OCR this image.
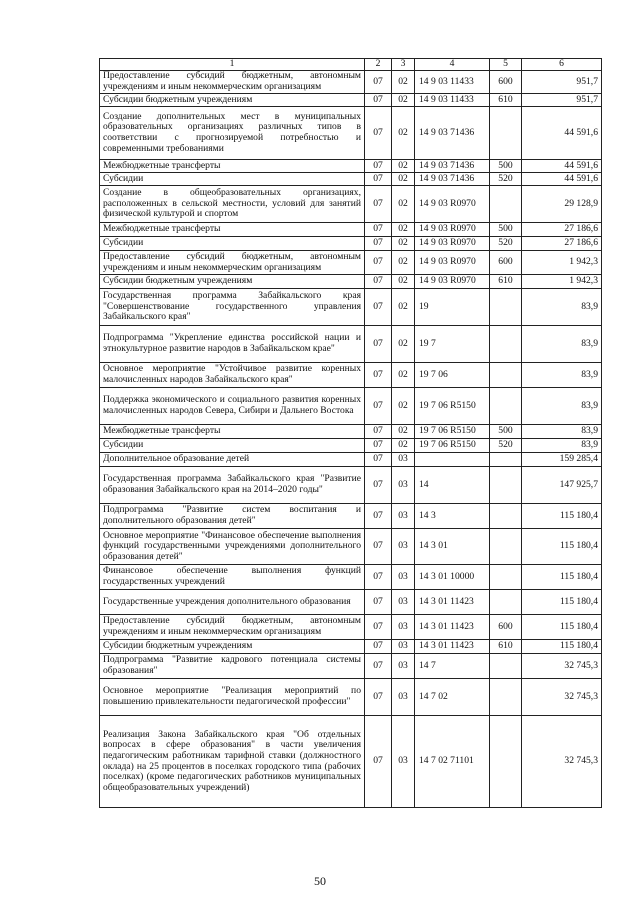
1	2	3	4	5	6
Предоставление субсидий бюджетным, автономным учреждениям и иным некоммерческим организациям	07	02	14 9 03 11433	600	951,7
Субсидии бюджетным учреждениям	07	02	14 9 03 11433	610	951,7
Создание дополнительных мест в муниципальных образовательных организациях различных типов в соответствии с прогнозируемой потребностью и современными требованиями	07	02	14 9 03 71436		44 591,6
Межбюджетные трансферты	07	02	14 9 03 71436	500	44 591,6
Субсидии	07	02	14 9 03 71436	520	44 591,6
Создание в общеобразовательных организациях, расположенных в сельской местности, условий для занятий физической культурой и спортом	07	02	14 9 03 R0970		29 128,9
Межбюджетные трансферты	07	02	14 9 03 R0970	500	27 186,6
Субсидии	07	02	14 9 03 R0970	520	27 186,6
Предоставление субсидий бюджетным, автономным учреждениям и иным некоммерческим организациям	07	02	14 9 03 R0970	600	1 942,3
Субсидии бюджетным учреждениям	07	02	14 9 03 R0970	610	1 942,3
Государственная программа Забайкальского края "Совершенствование государственного управления Забайкальского края"	07	02	19		83,9
Подпрограмма "Укрепление единства российской нации и этнокультурное развитие народов в Забайкальском крае"	07	02	19 7		83,9
Основное мероприятие "Устойчивое развитие коренных малочисленных народов Забайкальского края"	07	02	19 7 06		83,9
Поддержка экономического и социального развития коренных малочисленных народов Севера, Сибири и Дальнего Востока	07	02	19 7 06 R5150		83,9
Межбюджетные трансферты	07	02	19 7 06 R5150	500	83,9
Субсидии	07	02	19 7 06 R5150	520	83,9
Дополнительное образование детей	07	03			159 285,4
Государственная программа Забайкальского края "Развитие образования Забайкальского края на 2014–2020 годы"	07	03	14		147 925,7
Подпрограмма "Развитие систем воспитания и дополнительного образования детей"	07	03	14 3		115 180,4
Основное мероприятие "Финансовое обеспечение выполнения функций государственными учреждениями дополнительного образования детей"	07	03	14 3 01		115 180,4
Финансовое обеспечение выполнения функций государственных учреждений	07	03	14 3 01 10000		115 180,4
Государственные учреждения дополнительного образования	07	03	14 3 01 11423		115 180,4
Предоставление субсидий бюджетным, автономным учреждениям и иным некоммерческим организациям	07	03	14 3 01 11423	600	115 180,4
Субсидии бюджетным учреждениям	07	03	14 3 01 11423	610	115 180,4
Подпрограмма "Развитие кадрового потенциала системы образования"	07	03	14 7		32 745,3
Основное мероприятие "Реализация мероприятий по повышению привлекательности педагогической профессии"	07	03	14 7 02		32 745,3
Реализация Закона Забайкальского края "Об отдельных вопросах в сфере образования" в части увеличения педагогическим работникам тарифной ставки (должностного оклада) на 25 процентов в поселках городского типа (рабочих поселках) (кроме педагогических работников муниципальных общеобразовательных учреждений)	07	03	14 7 02 71101		32 745,3
50
